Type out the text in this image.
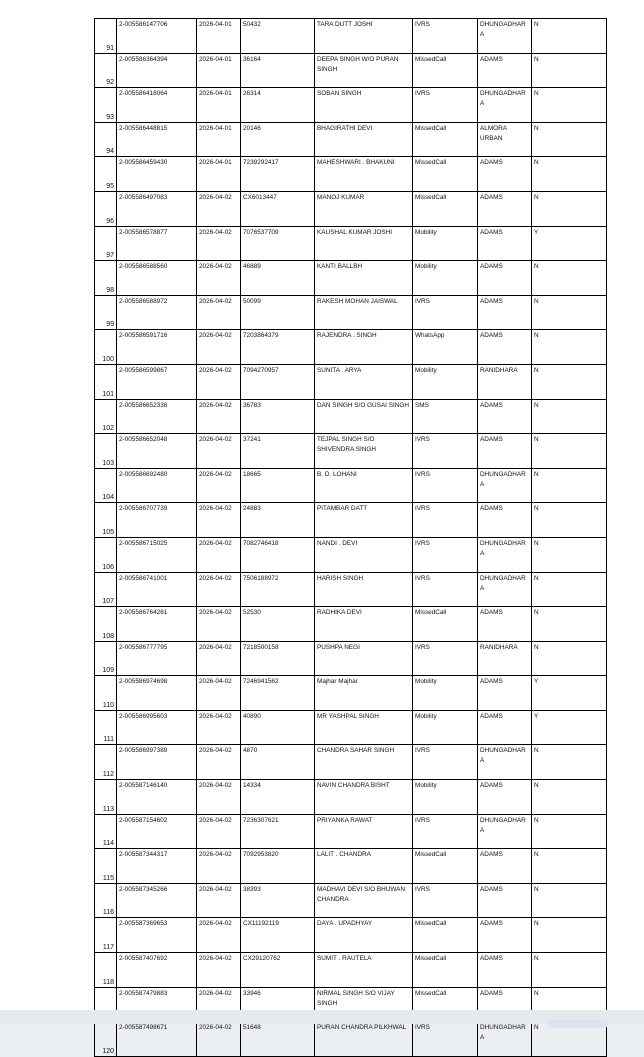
91	2-005586147706	2026-04-01	50432	TARA DUTT JOSHI	IVRS	DHUNGADHARA	N
92	2-005586364394	2026-04-01	36164	DEEPA SINGH W/O PURAN SINGH	MissedCall	ADAMS	N
93	2-005586418064	2026-04-01	26314	SOBAN SINGH	IVRS	DHUNGADHARA	N
94	2-005586448815	2026-04-01	20146	BHAGIRATHI DEVI	MissedCall	ALMORA URBAN	N
95	2-005586459430	2026-04-01	7239292417	MAHESHWARI . BHAKUNI	MissedCall	ADAMS	N
96	2-005586497083	2026-04-02	CX6013447	MANOJ KUMAR	MissedCall	ADAMS	N
97	2-005586578877	2026-04-02	7076537709	KAUSHAL KUMAR JOSHI	Mobility	ADAMS	Y
98	2-005586588560	2026-04-02	46889	KANTI BALLBH	Mobility	ADAMS	N
99	2-005586588972	2026-04-02	50099	RAKESH MOHAN JAISWAL	IVRS	ADAMS	N
100	2-005586591716	2026-04-02	7203864379	RAJENDRA . SINGH	WhatsApp	ADAMS	N
101	2-005586599867	2026-04-02	7094270957	SUNITA . ARYA	Mobility	RANIDHARA	N
102	2-005586652338	2026-04-02	36783	DAN SINGH S/O GUSAI SINGH	SMS	ADAMS	N
103	2-005586652048	2026-04-02	37241	TEJPAL SINGH S/O SHIVENDRA SINGH	IVRS	ADAMS	N
104	2-005586692480	2026-04-02	18665	B. D. LOHANI	IVRS	DHUNGADHARA	N
105	2-005586707739	2026-04-02	24883	PITAMBAR DATT	IVRS	ADAMS	N
106	2-005586715025	2026-04-02	7082746418	NANDI . DEVI	IVRS	DHUNGADHARA	N
107	2-005586741001	2026-04-02	7506188972	HARISH SINGH	IVRS	DHUNGADHARA	N
108	2-005586764261	2026-04-02	52530	RADHIKA DEVI	MissedCall	ADAMS	N
109	2-005586777795	2026-04-02	7218500158	PUSHPA NEGI	IVRS	RANIDHARA	N
110	2-005586974698	2026-04-02	7246941562	Majhar Majhar	Mobility	ADAMS	Y
111	2-005586995603	2026-04-02	40890	MR YASHPAL SINGH	Mobility	ADAMS	Y
112	2-005586997389	2026-04-02	4870	CHANDRA SAHAR SINGH	IVRS	DHUNGADHARA	N
113	2-005587146140	2026-04-02	14334	NAVIN CHANDRA BISHT	Mobility	ADAMS	N
114	2-005587154602	2026-04-02	7236307621	PRIYANKA RAWAT	IVRS	DHUNGADHARA	N
115	2-005587344317	2026-04-02	7092953820	LALIT . CHANDRA	MissedCall	ADAMS	N
116	2-005587345266	2026-04-02	38393	MADHAVI DEVI S/O BHUWAN CHANDRA	IVRS	ADAMS	N
117	2-005587369653	2026-04-02	CX11192119	DAYA . UPADHYAY	MissedCall	ADAMS	N
118	2-005587407692	2026-04-02	CX29120762	SUMIT . RAUTELA	MissedCall	ADAMS	N
	2-005587479883	2026-04-02	33946	NIRMAL SINGH S/O VIJAY SINGH	MissedCall	ADAMS	N
120	2-005587498671	2026-04-02	51648	PURAN CHANDRA PILKHWAL	IVRS	DHUNGADHARA	N
